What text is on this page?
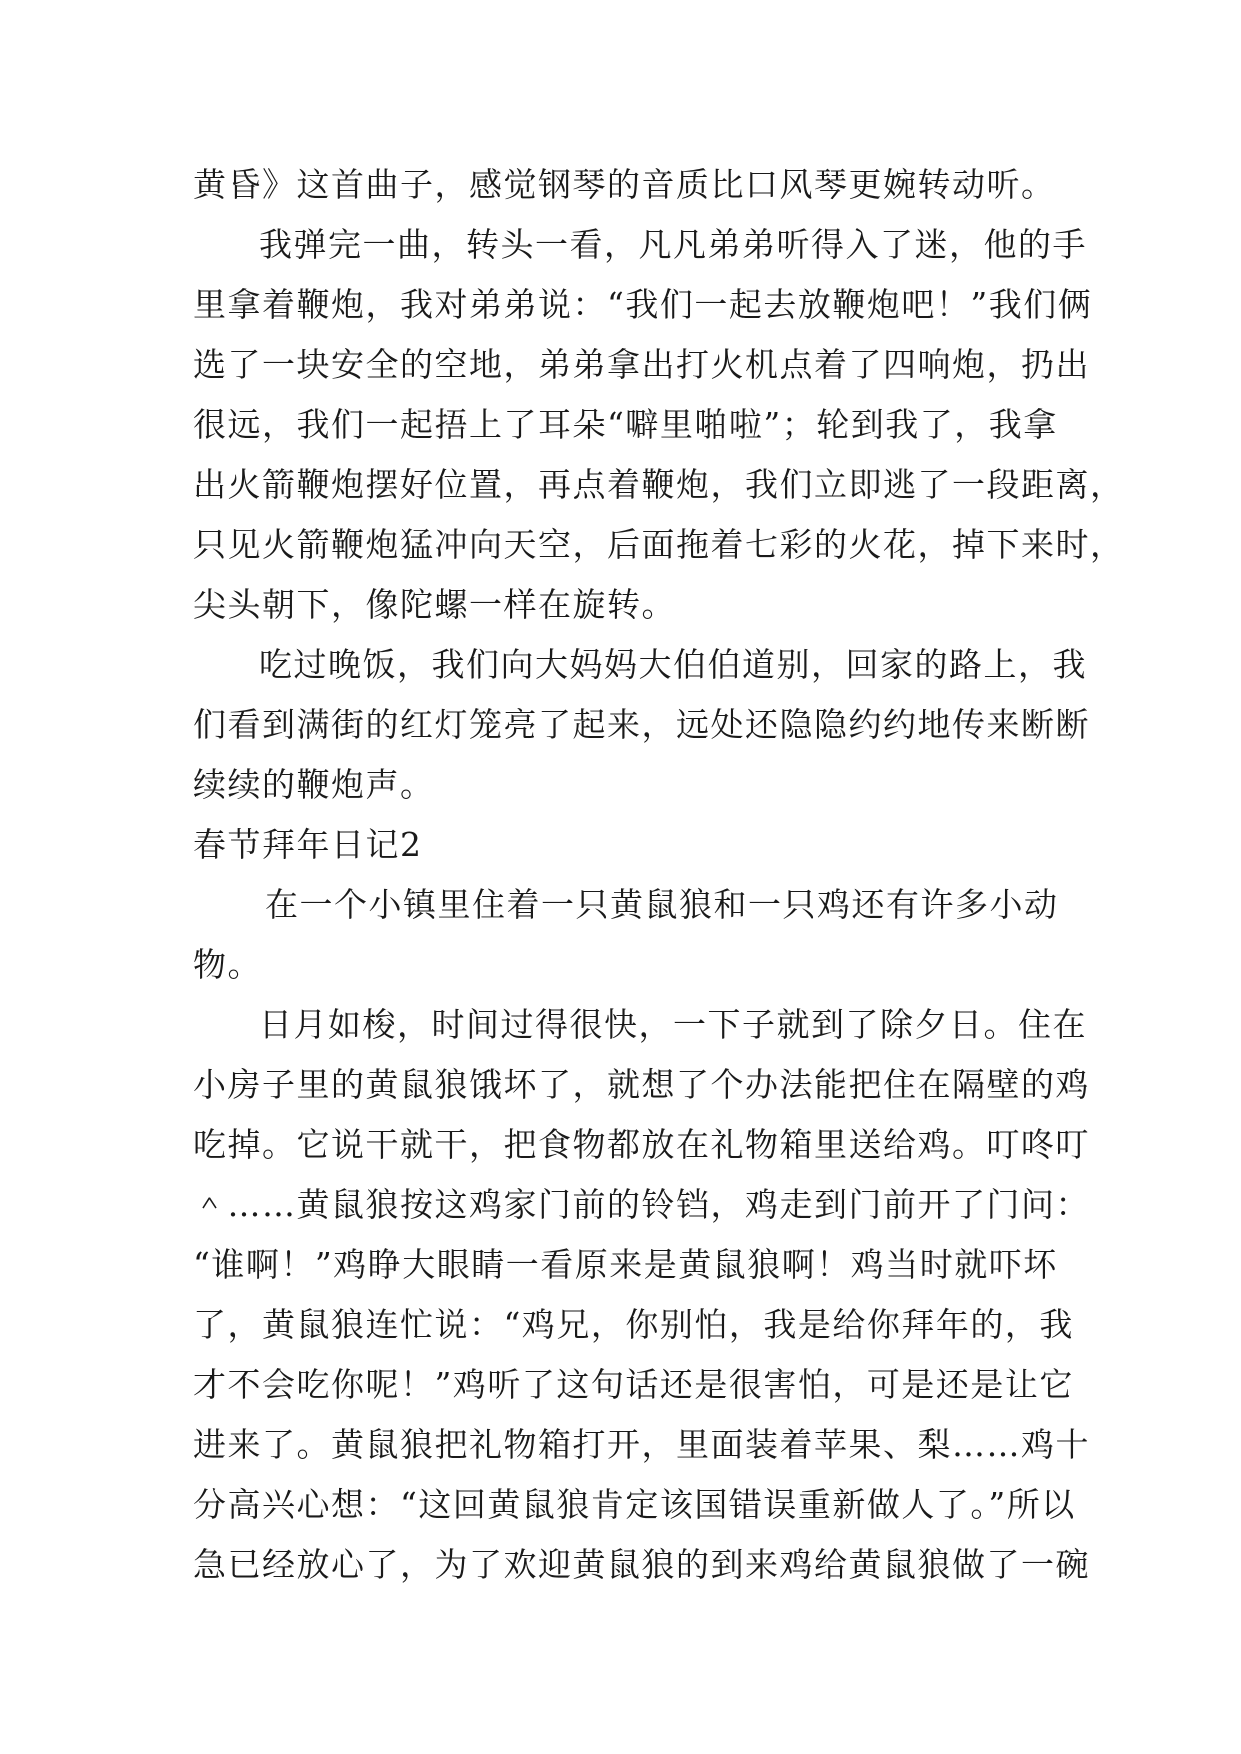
黄昏》这首曲子，感觉钢琴的音质比口风琴更婉转动听。
我弹完一曲，转头一看，凡凡弟弟听得入了迷，他的手
里拿着鞭炮，我对弟弟说：“我们一起去放鞭炮吧！”我们俩
选了一块安全的空地，弟弟拿出打火机点着了四响炮，扔出
很远，我们一起捂上了耳朵“噼里啪啦”；轮到我了，我拿
出火箭鞭炮摆好位置，再点着鞭炮，我们立即逃了一段距离，
只见火箭鞭炮猛冲向天空，后面拖着七彩的火花，掉下来时，
尖头朝下，像陀螺一样在旋转。
吃过晚饭，我们向大妈妈大伯伯道别，回家的路上，我
们看到满街的红灯笼亮了起来，远处还隐隐约约地传来断断
续续的鞭炮声。
春节拜年日记2
在一个小镇里住着一只黄鼠狼和一只鸡还有许多小动
物。
日月如梭，时间过得很快，一下子就到了除夕日。住在
小房子里的黄鼠狼饿坏了，就想了个办法能把住在隔壁的鸡
吃掉。它说干就干，把食物都放在礼物箱里送给鸡。叮咚叮
＾……黄鼠狼按这鸡家门前的铃铛，鸡走到门前开了门问：
“谁啊！”鸡睁大眼睛一看原来是黄鼠狼啊！鸡当时就吓坏
了，黄鼠狼连忙说：“鸡兄，你别怕，我是给你拜年的，我
才不会吃你呢！”鸡听了这句话还是很害怕，可是还是让它
进来了。黄鼠狼把礼物箱打开，里面装着苹果、梨……鸡十
分高兴心想：“这回黄鼠狼肯定该国错误重新做人了。”所以
急已经放心了，为了欢迎黄鼠狼的到来鸡给黄鼠狼做了一碗
